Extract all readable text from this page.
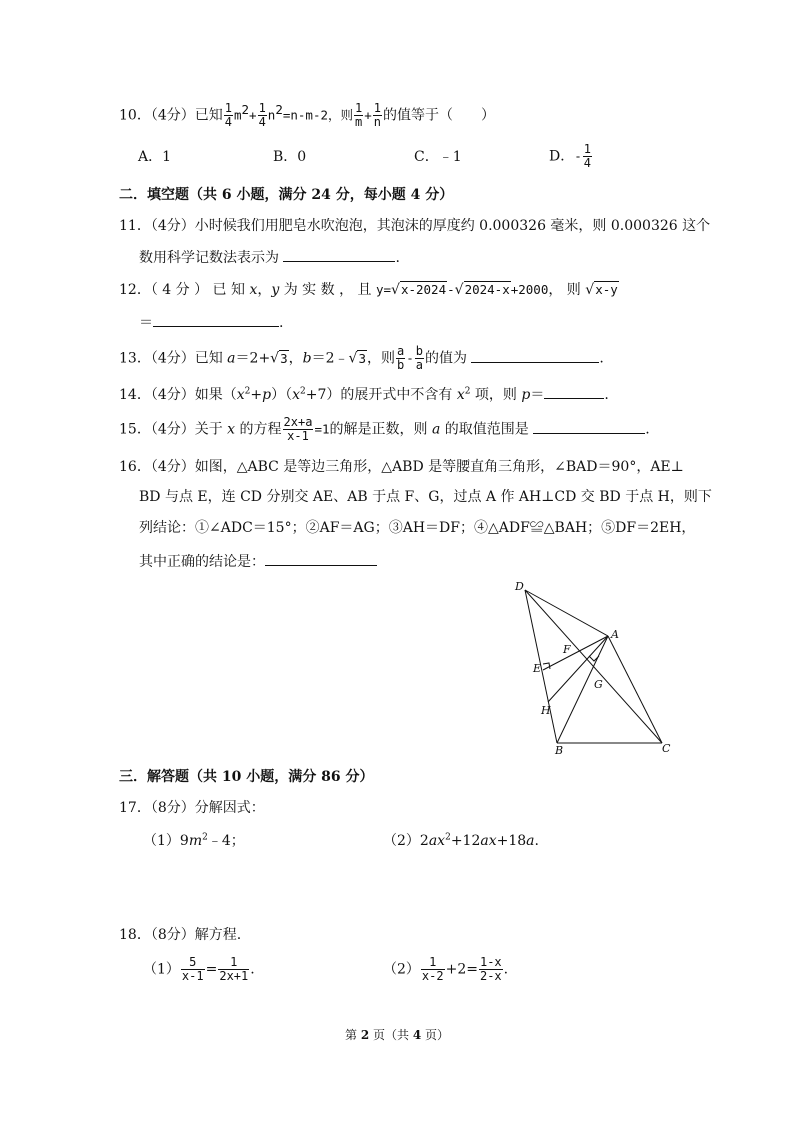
10．（4分）已知 $\frac{1}{4} m^2+ \frac{1}{4} n^2=n-m-2$，则 $\frac{1}{m} + \frac{1}{n}$ 的值等于（　　）
A．1	B．0	C．﹣1	D．- $\frac{1}{4}$
二．填空题（共 6 小题，满分 24 分，每小题 4 分）
11．（4分）小时候我们用肥皂水吹泡泡，其泡沫的厚度约 0.000326 毫米，则 0.000326 这个
数用科学记数法表示为	.
12．（ 4 分 ） 已 知 x，y 为 实 数 ， 且 y=√x-2024-√2024-x+2000， 则 √x-y
＝	.
13．（4分）已知 a＝2+√3，b＝2﹣√3，则 $\frac{a}{b} - \frac{b}{a}$ 的值为	.
14．（4分）如果$(x^2+p)(x^2+7)$的展开式中不含有 $x^2$ 项，则 p＝	.
15．（4分）关于 x 的方程 $\frac{2x+a}{x-1} =1$的解是正数，则 a 的取值范围是	.
16．（4分）如图，△ABC 是等边三角形，△ABD 是等腰直角三角形，∠BAD＝90°，AE⊥
BD 与点 E，连 CD 分别交 AE、AB 于点 F、G，过点 A 作 AH⊥CD 交 BD 于点 H，则下
列结论：①∠ADC＝15°；②AF＝AG；③AH＝DF；④△ADF≌△BAH；⑤DF＝2EH，
其中正确的结论是：
D
A
F
E
G
H
B	C
三．解答题（共 10 小题，满分 86 分）
17．（8分）分解因式：
$(1)9m^2﹣4$；	$(2)2ax^2+12ax+18a$.
18．（8分）解方程.
$(1) \frac{5}{x-1} = \frac{1}{2x+1}$ .	$(2) \frac{1}{x-2} +2= \frac{1-x}{2-x}$ .
第 2 页（共 4 页）
